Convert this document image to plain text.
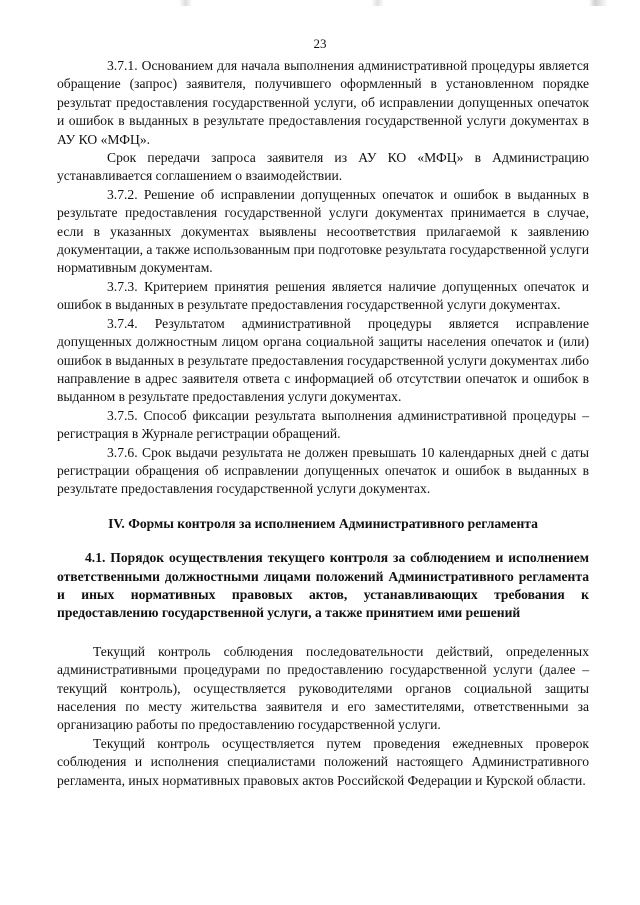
23

3.7.1. Основанием для начала выполнения административной процедуры является обращение (запрос) заявителя, получившего оформленный в установленном порядке результат предоставления государственной услуги, об исправлении допущенных опечаток и ошибок в выданных в результате предоставления государственной услуги документах в АУ КО «МФЦ».

Срок передачи запроса заявителя из АУ КО «МФЦ» в Администрацию устанавливается соглашением о взаимодействии.

3.7.2. Решение об исправлении допущенных опечаток и ошибок в выданных в результате предоставления государственной услуги документах принимается в случае, если в указанных документах выявлены несоответствия прилагаемой к заявлению документации, а также использованным при подготовке результата государственной услуги нормативным документам.

3.7.3. Критерием принятия решения является наличие допущенных опечаток и ошибок в выданных в результате предоставления государственной услуги документах.

3.7.4. Результатом административной процедуры является исправление допущенных должностным лицом органа социальной защиты населения опечаток и (или) ошибок в выданных в результате предоставления государственной услуги документах либо направление в адрес заявителя ответа с информацией об отсутствии опечаток и ошибок в выданном в результате предоставления услуги документах.

3.7.5. Способ фиксации результата выполнения административной процедуры – регистрация в Журнале регистрации обращений.

3.7.6. Срок выдачи результата не должен превышать 10 календарных дней с даты регистрации обращения об исправлении допущенных опечаток и ошибок в выданных в результате предоставления государственной услуги документах.

IV. Формы контроля за исполнением Административного регламента
4.1. Порядок осуществления текущего контроля за соблюдением и исполнением ответственными должностными лицами положений Административного регламента и иных нормативных правовых актов, устанавливающих требования к предоставлению государственной услуги, а также принятием ими решений

Текущий контроль соблюдения последовательности действий, определенных административными процедурами по предоставлению государственной услуги (далее – текущий контроль), осуществляется руководителями органов социальной защиты населения по месту жительства заявителя и его заместителями, ответственными за организацию работы по предоставлению государственной услуги.

Текущий контроль осуществляется путем проведения ежедневных проверок соблюдения и исполнения специалистами положений настоящего Административного регламента, иных нормативных правовых актов Российской Федерации и Курской области.
